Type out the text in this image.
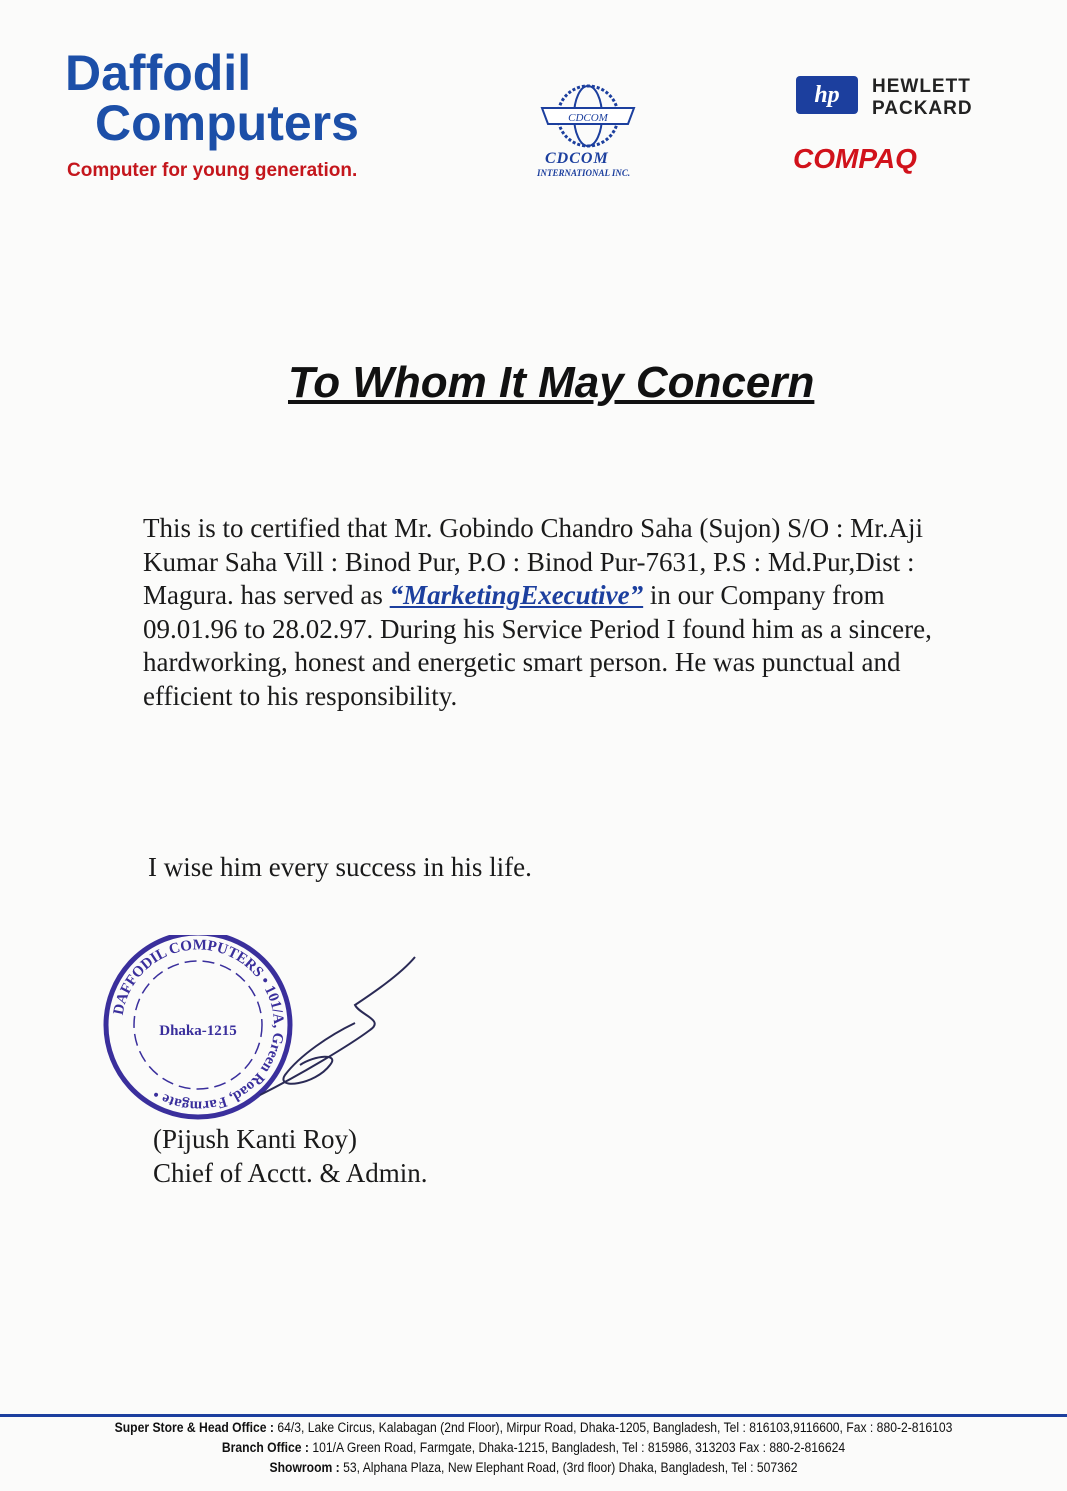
Daffodil
Computers
Computer for young generation.
CDCOM
CDCOM
INTERNATIONAL INC.
hp	HEWLETT
PACKARD
COMPAQ
To Whom It May Concern
This is to certified that Mr. Gobindo Chandro Saha (Sujon) S/O : Mr.Aji Kumar Saha Vill : Binod Pur, P.O : Binod Pur-7631, P.S : Md.Pur,Dist : Magura. has served as “MarketingExecutive” in our Company from 09.01.96 to 28.02.97. During his Service Period I found him as a sincere, hardworking, honest and energetic smart person. He was punctual and efficient to his responsibility.
I wise him every success in his life.
DAFFODIL COMPUTERS • 101/A, Green Road, Farmgate •
Dhaka-1215
(Pijush Kanti Roy)
Chief of Acctt. & Admin.
Super Store & Head Office : 64/3, Lake Circus, Kalabagan (2nd Floor), Mirpur Road, Dhaka-1205, Bangladesh, Tel : 816103,9116600, Fax : 880-2-816103
Branch Office : 101/A Green Road, Farmgate, Dhaka-1215, Bangladesh, Tel : 815986, 313203 Fax : 880-2-816624
Showroom : 53, Alphana Plaza, New Elephant Road, (3rd floor) Dhaka, Bangladesh, Tel : 507362
